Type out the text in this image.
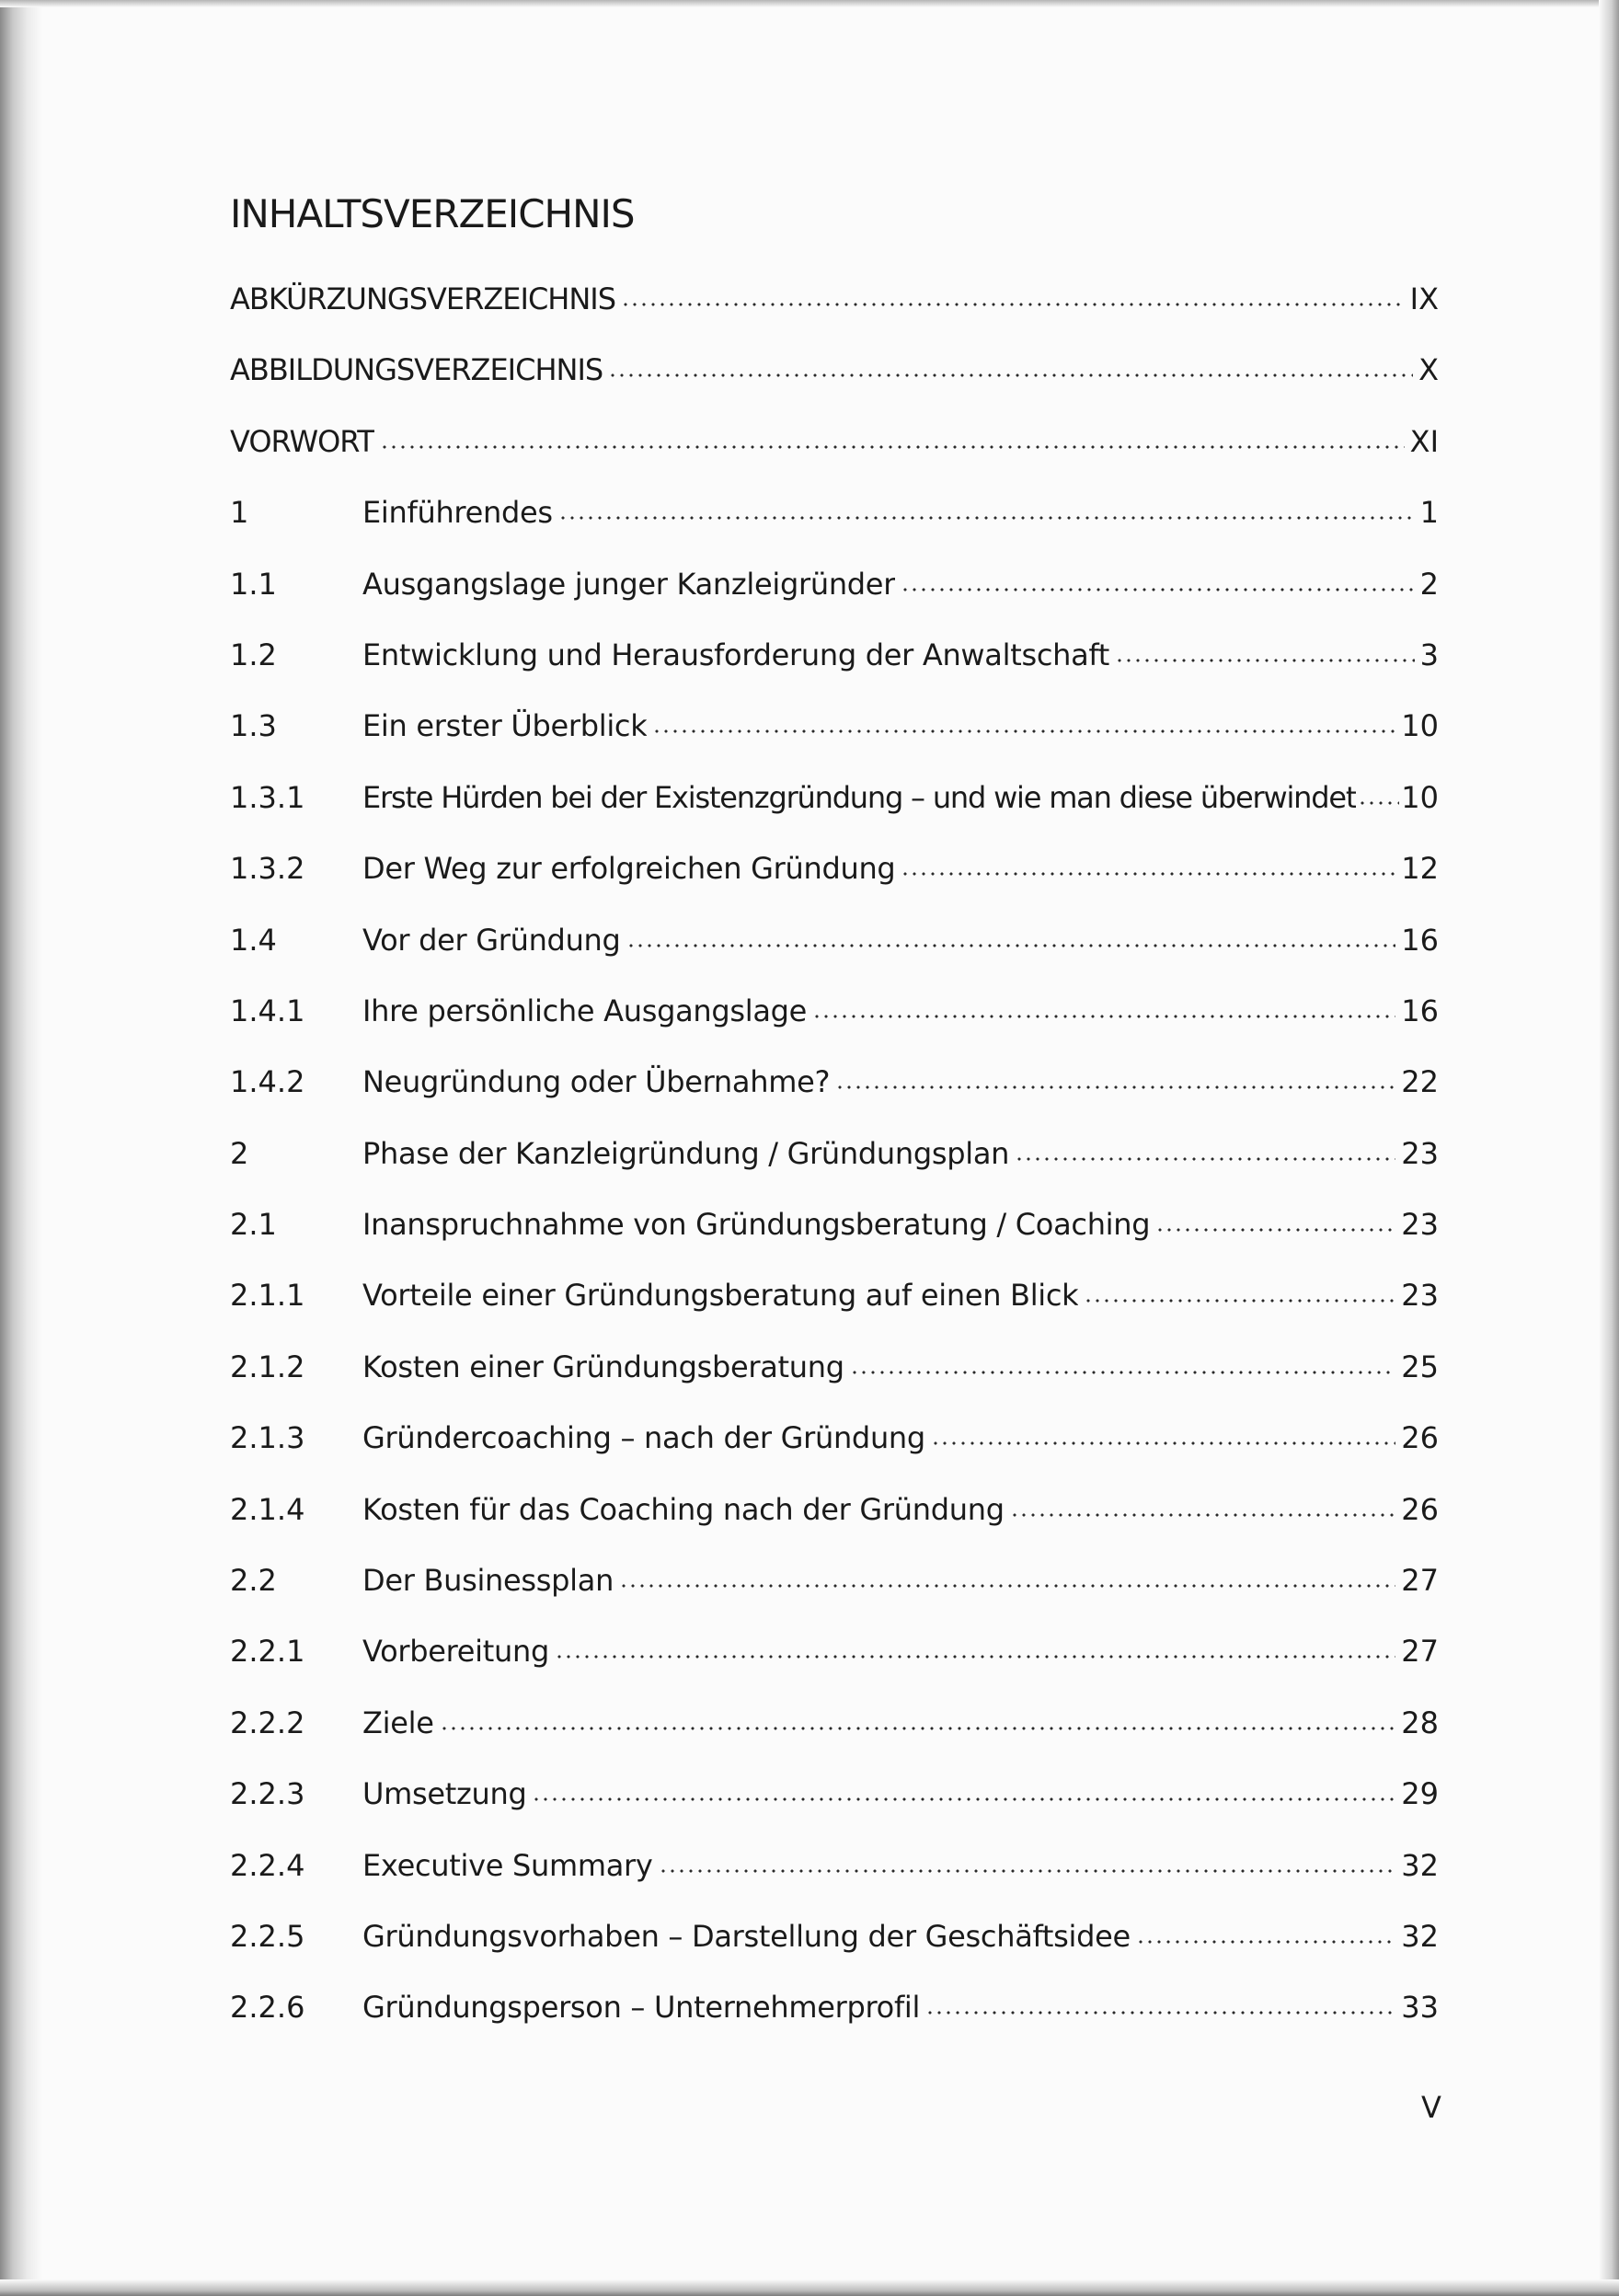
INHALTSVERZEICHNIS
ABKÜRZUNGSVERZEICHNIS	IX
ABBILDUNGSVERZEICHNIS	X
VORWORT	XI
1	Einführendes	1
1.1	Ausgangslage junger Kanzleigründer	2
1.2	Entwicklung und Herausforderung der Anwaltschaft	3
1.3	Ein erster Überblick	10
1.3.1	Erste Hürden bei der Existenzgründung – und wie man diese überwindet 10
1.3.2	Der Weg zur erfolgreichen Gründung	12
1.4	Vor der Gründung	16
1.4.1	Ihre persönliche Ausgangslage	16
1.4.2	Neugründung oder Übernahme?	22
2	Phase der Kanzleigründung / Gründungsplan	23
2.1	Inanspruchnahme von Gründungsberatung / Coaching	23
2.1.1	Vorteile einer Gründungsberatung auf einen Blick	23
2.1.2	Kosten einer Gründungsberatung	25
2.1.3	Gründercoaching – nach der Gründung	26
2.1.4	Kosten für das Coaching nach der Gründung	26
2.2	Der Businessplan	27
2.2.1	Vorbereitung	27
2.2.2	Ziele	28
2.2.3	Umsetzung	29
2.2.4	Executive Summary	32
2.2.5	Gründungsvorhaben – Darstellung der Geschäftsidee	32
2.2.6	Gründungsperson – Unternehmerprofil	33
V
